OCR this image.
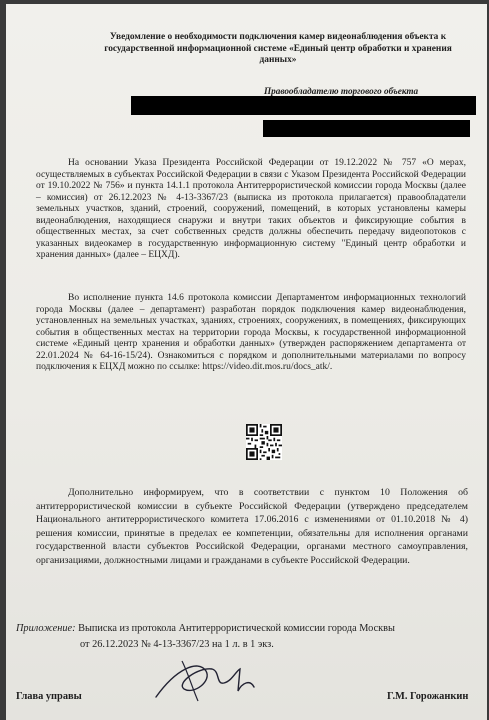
Уведомление о необходимости подключения камер видеонаблюдения объекта к государственной информационной системе «Единый центр обработки и хранения данных»
Правообладателю торгового объекта

На основании Указа Президента Российской Федерации от 19.12.2022 № 757 «О мерах, осуществляемых в субъектах Российской Федерации в связи с Указом Президента Российской Федерации от 19.10.2022 № 756» и пункта 14.1.1 протокола Антитеррористической комиссии города Москвы (далее – комиссия) от 26.12.2023 № 4-13-3367/23 (выписка из протокола прилагается) правообладатели земельных участков, зданий, строений, сооружений, помещений, в которых установлены камеры видеонаблюдения, находящиеся снаружи и внутри таких объектов и фиксирующие события в общественных местах, за счет собственных средств должны обеспечить передачу видеопотоков с указанных видеокамер в государственную информационную систему "Единый центр обработки и хранения данных» (далее – ЕЦХД).

Во исполнение пункта 14.6 протокола комиссии Департаментом информационных технологий города Москвы (далее – департамент) разработан порядок подключения камер видеонаблюдения, установленных на земельных участках, зданиях, строениях, сооружениях, в помещениях, фиксирующих события в общественных местах на территории города Москвы, к государственной информационной системе «Единый центр хранения и обработки данных» (утвержден распоряжением департамента от 22.01.2024 № 64-16-15/24). Ознакомиться с порядком и дополнительными материалами по вопросу подключения к ЕЦХД можно по ссылке: https://video.dit.mos.ru/docs_atk/.

Дополнительно информируем, что в соответствии с пунктом 10 Положения об антитеррористической комиссии в субъекте Российской Федерации (утверждено председателем Национального антитеррористического комитета 17.06.2016 с изменениями от 01.10.2018 № 4) решения комиссии, принятые в пределах ее компетенции, обязательны для исполнения органами государственной власти субъектов Российской Федерации, органами местного самоуправления, организациями, должностными лицами и гражданами в субъекте Российской Федерации.

Приложение: Выписка из протокола Антитеррористической комиссии города Москвы
от 26.12.2023 № 4-13-3367/23 на 1 л. в 1 экз.
Глава управы	Г.М. Горожанкин
